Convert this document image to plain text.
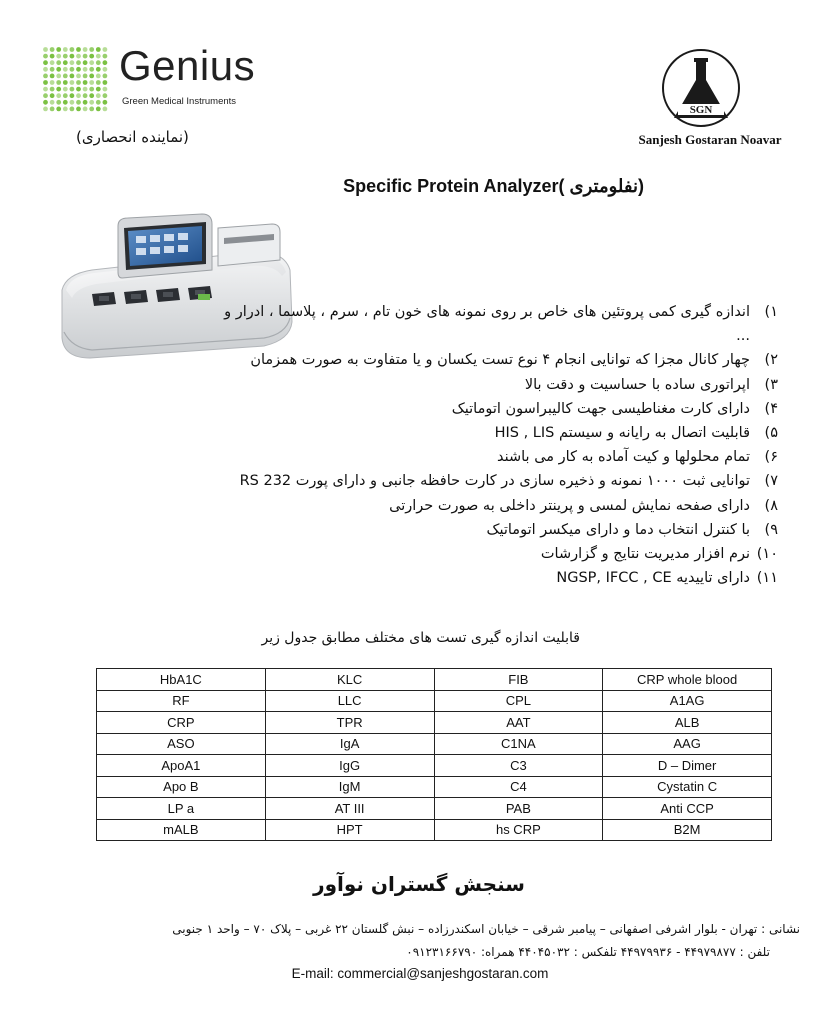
Genius
Green Medical Instruments
(نماینده انحصاری)
SGN
Sanjesh Gostaran Noavar
Specific Protein Analyzer( نفلومتری)
۱)
اندازه گیری کمی پروتئین های خاص بر روی نمونه های خون تام ، سرم ، پلاسما ، ادرار و ...
۲)
چهار کانال مجزا که توانایی انجام ۴ نوع تست یکسان و یا متفاوت به صورت همزمان
۳)
اپراتوری ساده با حساسیت و دقت بالا
۴)
دارای کارت مغناطیسی جهت کالیبراسون اتوماتیک
۵)
قابلیت اتصال به رایانه و سیستم HIS , LIS
۶)
تمام محلولها و کیت آماده به کار می باشند
۷)
توانایی ثبت ۱۰۰۰ نمونه و ذخیره سازی در کارت حافظه جانبی و دارای پورت RS 232
۸)
دارای صفحه نمایش لمسی و پرینتر داخلی به صورت حرارتی
۹)
با کنترل انتخاب دما و دارای میکسر اتوماتیک
۱۰)
نرم افزار مدیریت نتایج و گزارشات
۱۱)
دارای تاییدیه NGSP, IFCC , CE
قابلیت اندازه گیری تست های مختلف مطابق جدول زیر
HbA1C	KLC	FIB	CRP whole blood
RF	LLC	CPL	A1AG
CRP	TPR	AAT	ALB
ASO	IgA	C1NA	AAG
ApoA1	IgG	C3	D – Dimer
Apo B	IgM	C4	Cystatin C
LP a	AT III	PAB	Anti CCP
mALB	HPT	hs CRP	B2M
سنجش گستران نوآور
نشانی : تهران - بلوار اشرفی اصفهانی – پیامبر شرقی – خیابان اسکندرزاده – نبش گلستان ۲۲ غربی – پلاک ۷۰ – واحد ۱ جنوبی
تلفن : ۴۴۹۷۹۸۷۷ - ۴۴۹۷۹۹۳۶ تلفکس : ۴۴۰۴۵۰۳۲ همراه: ۰۹۱۲۳۱۶۶۷۹۰
E-mail: commercial@sanjeshgostaran.com
